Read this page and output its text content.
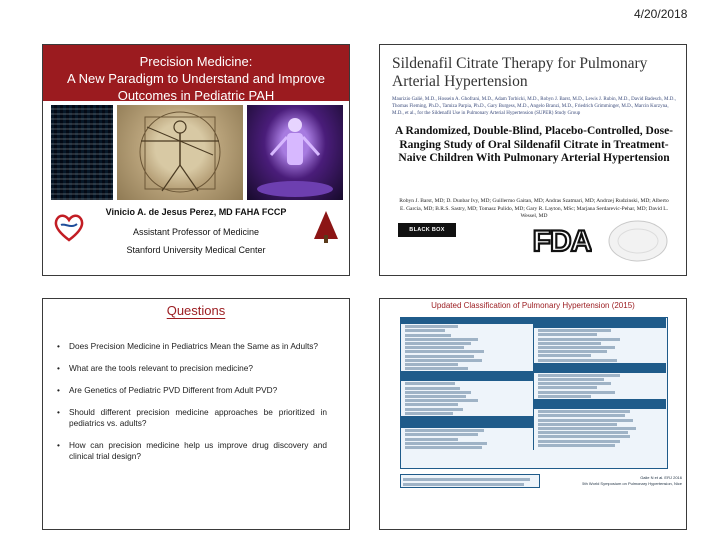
4/20/2018
Precision Medicine:
A New Paradigm to Understand and Improve
Outcomes in Pediatric PAH
Vinicio A. de Jesus Perez, MD FAHA FCCP
Assistant Professor of Medicine
Stanford University Medical Center
Sildenafil Citrate Therapy for Pulmonary Arterial Hypertension
Maurizio Galiè, M.D., Hossein A. Ghofrani, M.D., Adam Torbicki, M.D., Robyn J. Barst, M.D., Lewis J. Rubin, M.D., David Badesch, M.D., Thomas Fleming, Ph.D., Tamiza Parpia, Ph.D., Gary Burgess, M.D., Angelo Branzi, M.D., Friedrich Grimminger, M.D., Marcin Kurzyna, M.D., et al., for the Sildenafil Use in Pulmonary Arterial Hypertension (SUPER) Study Group
A Randomized, Double-Blind, Placebo-Controlled, Dose-Ranging Study of Oral Sildenafil Citrate in Treatment-Naive Children With Pulmonary Arterial Hypertension
Robyn J. Barst, MD; D. Dunbar Ivy, MD; Guillermo Gaitan, MD; Andras Szatmari, MD; Andrzej Rudzinski, MD; Alberto E. Garcia, MD; B.R.S. Sastry, MD; Tomasz Pulido, MD; Gary R. Layton, MSc; Marjana Serdarevic-Pehar, MD; David L. Wessel, MD
BLACK BOX WARNING	FDA
Questions
• Does Precision Medicine in Pediatrics Mean the Same as in Adults?
• What are the tools relevant to precision medicine?
• Are Genetics of Pediatric PVD Different from Adult PVD?
• Should different precision medicine approaches be prioritized in pediatrics vs. adults?
• How can precision medicine help us improve drug discovery and clinical trial design?
Updated Classification of Pulmonary Hypertension (2015)
Galie N et al. ERJ 2016
5th World Symposium on Pulmonary Hypertension, Nice
